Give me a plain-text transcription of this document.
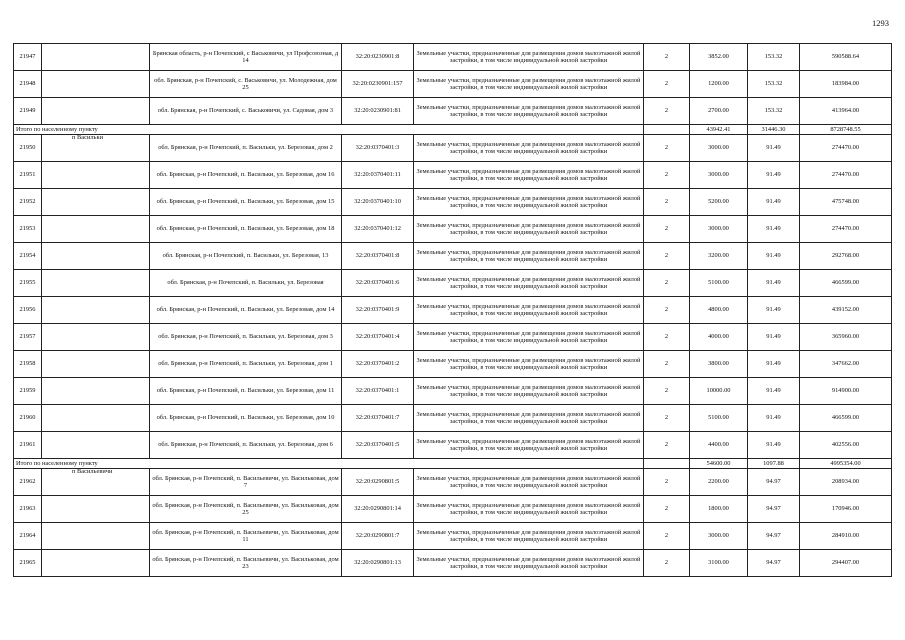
1293
21947		Брянская область, р-н Почепский, с Васьковичи, ул Профсоюзная, д 14	32:20:0230901:8	Земельные участки, предназначенные для размещения домов малоэтажной жилой застройки, в том числе индивидуальной жилой застройки	2	3852.00	153.32	590588.64
21948		обл. Брянская, р-н Почепский, с. Васьковичи, ул. Молодежная, дом 25	32:20:0230901:157	Земельные участки, предназначенные для размещения домов малоэтажной жилой застройки, в том числе индивидуальной жилой застройки	2	1200.00	153.32	183984.00
21949		обл. Брянская, р-н Почепский, с. Васьковичи, ул. Садовая, дом 3	32:20:0230901:81	Земельные участки, предназначенные для размещения домов малоэтажной жилой застройки, в том числе индивидуальной жилой застройки	2	2700.00	153.32	413964.00
Итого по населенному пункту						43942.41	31446.30	8728748.55
21950	п Васильки	обл. Брянская, р-н Почепский, п. Васильки, ул. Березовая, дом 2	32:20:0370401:3	Земельные участки, предназначенные для размещения домов малоэтажной жилой застройки, в том числе индивидуальной жилой застройки	2	3000.00	91.49	274470.00
21951		обл. Брянская, р-н Почепский, п. Васильки, ул. Березовая, дом 16	32:20:0370401:11	Земельные участки, предназначенные для размещения домов малоэтажной жилой застройки, в том числе индивидуальной жилой застройки	2	3000.00	91.49	274470.00
21952		обл. Брянская, р-н Почепский, п. Васильки, ул. Березовая, дом 15	32:20:0370401:10	Земельные участки, предназначенные для размещения домов малоэтажной жилой застройки, в том числе индивидуальной жилой застройки	2	5200.00	91.49	475748.00
21953		обл. Брянская, р-н Почепский, п. Васильки, ул. Березовая, дом 18	32:20:0370401:12	Земельные участки, предназначенные для размещения домов малоэтажной жилой застройки, в том числе индивидуальной жилой застройки	2	3000.00	91.49	274470.00
21954		обл. Брянская, р-н Почепский, п. Васильки, ул. Березовая, 13	32:20:0370401:8	Земельные участки, предназначенные для размещения домов малоэтажной жилой застройки, в том числе индивидуальной жилой застройки	2	3200.00	91.49	292768.00
21955		обл. Брянская, р-н Почепский, п. Васильки, ул. Березовая	32:20:0370401:6	Земельные участки, предназначенные для размещения домов малоэтажной жилой застройки, в том числе индивидуальной жилой застройки	2	5100.00	91.49	466599.00
21956		обл. Брянская, р-н Почепский, п. Васильки, ул. Березовая, дом 14	32:20:0370401:9	Земельные участки, предназначенные для размещения домов малоэтажной жилой застройки, в том числе индивидуальной жилой застройки	2	4800.00	91.49	439152.00
21957		обл. Брянская, р-н Почепский, п. Васильки, ул. Березовая, дом 3	32:20:0370401:4	Земельные участки, предназначенные для размещения домов малоэтажной жилой застройки, в том числе индивидуальной жилой застройки	2	4000.00	91.49	365960.00
21958		обл. Брянская, р-н Почепский, п. Васильки, ул. Березовая, дом 1	32:20:0370401:2	Земельные участки, предназначенные для размещения домов малоэтажной жилой застройки, в том числе индивидуальной жилой застройки	2	3800.00	91.49	347662.00
21959		обл. Брянская, р-н Почепский, п. Васильки, ул. Березовая, дом 11	32:20:0370401:1	Земельные участки, предназначенные для размещения домов малоэтажной жилой застройки, в том числе индивидуальной жилой застройки	2	10000.00	91.49	914900.00
21960		обл. Брянская, р-н Почепский, п. Васильки, ул. Березовая, дом 10	32:20:0370401:7	Земельные участки, предназначенные для размещения домов малоэтажной жилой застройки, в том числе индивидуальной жилой застройки	2	5100.00	91.49	466599.00
21961		обл. Брянская, р-н Почепский, п. Васильки, ул. Березовая, дом 6	32:20:0370401:5	Земельные участки, предназначенные для размещения домов малоэтажной жилой застройки, в том числе индивидуальной жилой застройки	2	4400.00	91.49	402556.00
Итого по населенному пункту						54600.00	1097.88	4995354.00
21962	п Васильевичи	обл. Брянская, р-н Почепский, п. Васильевичи, ул. Васильковая, дом 7	32:20:0290801:5	Земельные участки, предназначенные для размещения домов малоэтажной жилой застройки, в том числе индивидуальной жилой застройки	2	2200.00	94.97	208934.00
21963		обл. Брянская, р-н Почепский, п. Васильевичи, ул. Васильковая, дом 25	32:20:0290801:14	Земельные участки, предназначенные для размещения домов малоэтажной жилой застройки, в том числе индивидуальной жилой застройки	2	1800.00	94.97	170946.00
21964		обл. Брянская, р-н Почепский, п. Васильевичи, ул. Васильковая, дом 11	32:20:0290801:7	Земельные участки, предназначенные для размещения домов малоэтажной жилой застройки, в том числе индивидуальной жилой застройки	2	3000.00	94.97	284910.00
21965		обл. Брянская, р-н Почепский, п. Васильевичи, ул. Васильковая, дом 23	32:20:0290801:13	Земельные участки, предназначенные для размещения домов малоэтажной жилой застройки, в том числе индивидуальной жилой застройки	2	3100.00	94.97	294407.00
